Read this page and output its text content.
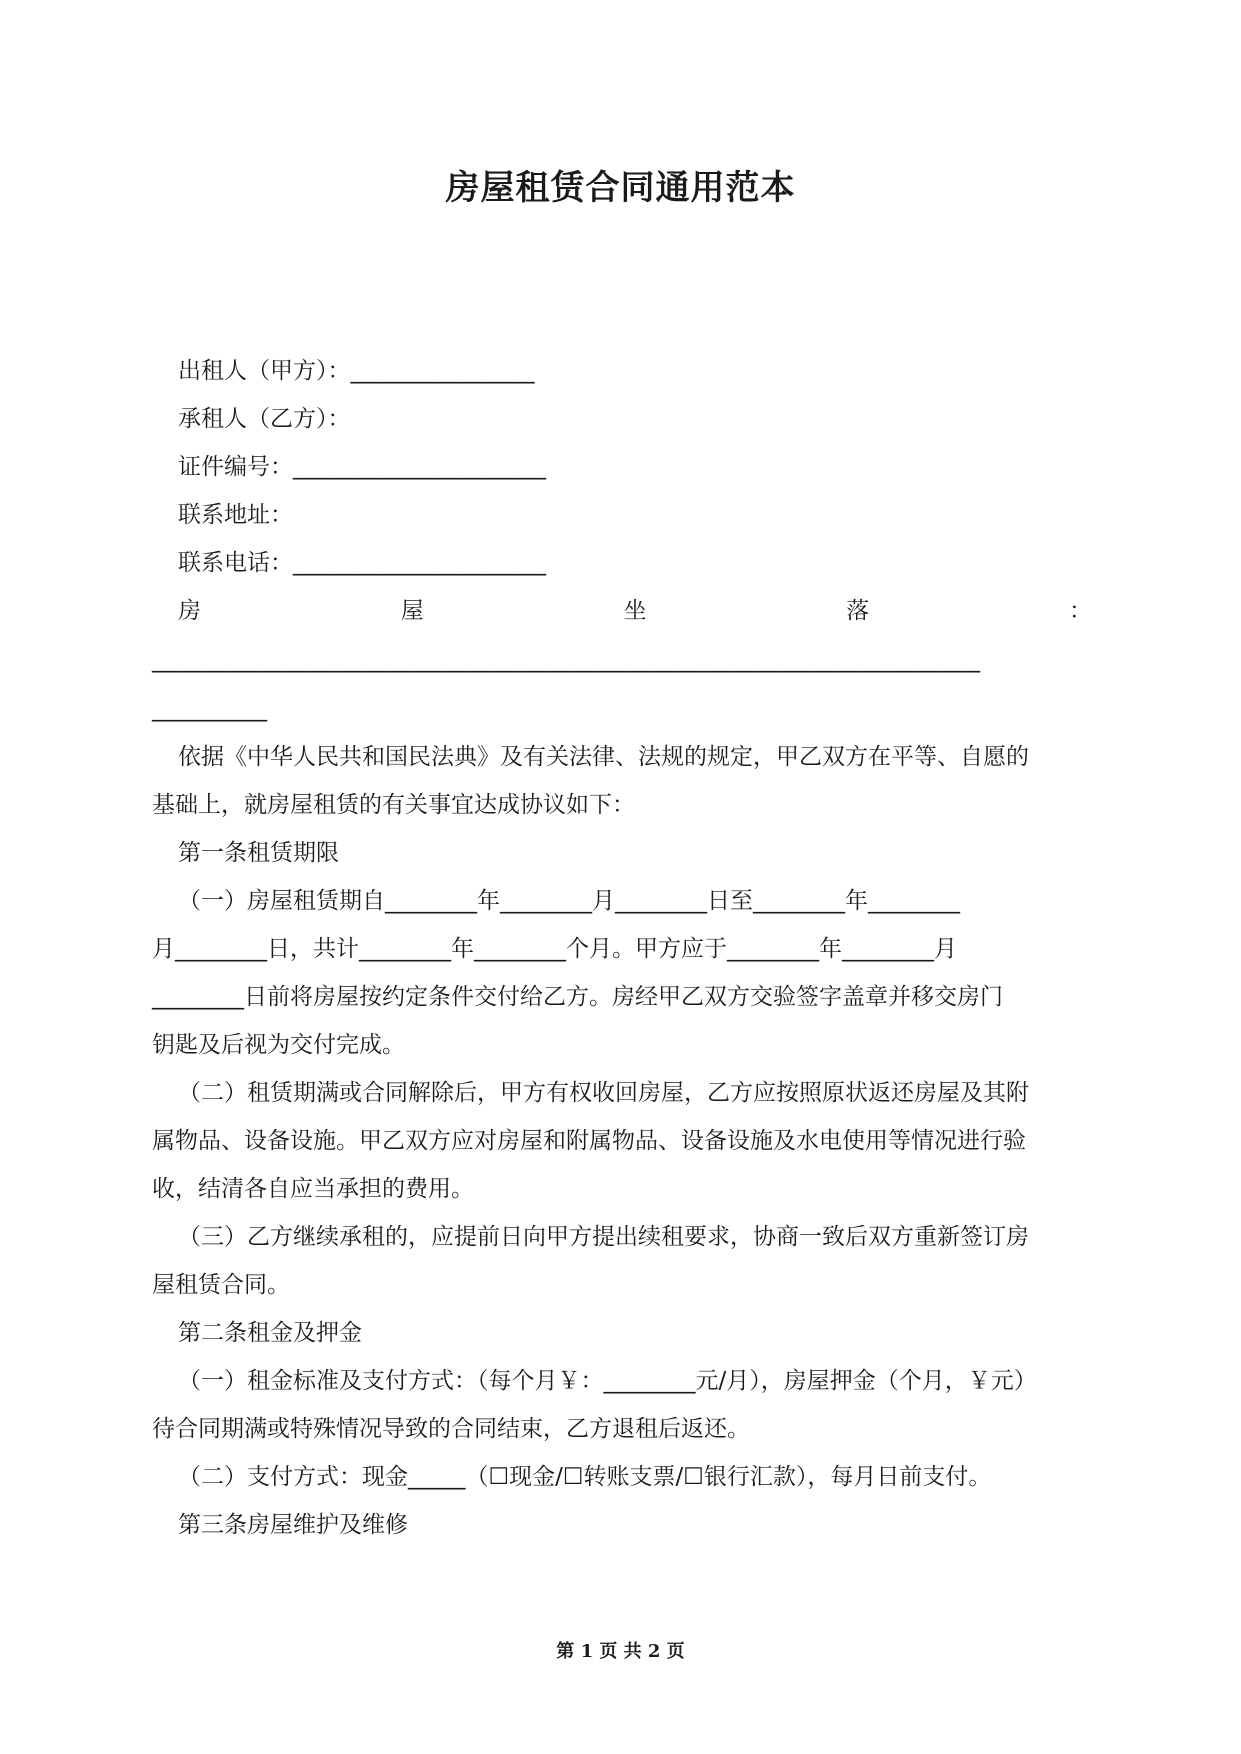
房屋租赁合同通用范本

出租人（甲方）：________________

承租人（乙方）：

证件编号：______________________

联系地址：

联系电话：______________________

房	屋	坐	落	：

________________________________________________________________________

__________

依据《中华人民共和国民法典》及有关法律、法规的规定，甲乙双方在平等、自愿的

基础上，就房屋租赁的有关事宜达成协议如下：

第一条租赁期限

（一）房屋租赁期自________年________月________日至________年________

月________日，共计________年________个月。甲方应于________年________月

________日前将房屋按约定条件交付给乙方。房经甲乙双方交验签字盖章并移交房门

钥匙及后视为交付完成。

（二）租赁期满或合同解除后，甲方有权收回房屋，乙方应按照原状返还房屋及其附

属物品、设备设施。甲乙双方应对房屋和附属物品、设备设施及水电使用等情况进行验

收，结清各自应当承担的费用。

（三）乙方继续承租的，应提前日向甲方提出续租要求，协商一致后双方重新签订房

屋租赁合同。

第二条租金及押金

（一）租金标准及支付方式：（每个月￥：________元/月），房屋押金（个月，￥元）

待合同期满或特殊情况导致的合同结束，乙方退租后返还。

（二）支付方式：现金_____（☐现金/☐转账支票/☐银行汇款），每月日前支付。

第三条房屋维护及维修

第 1 页 共 2 页
